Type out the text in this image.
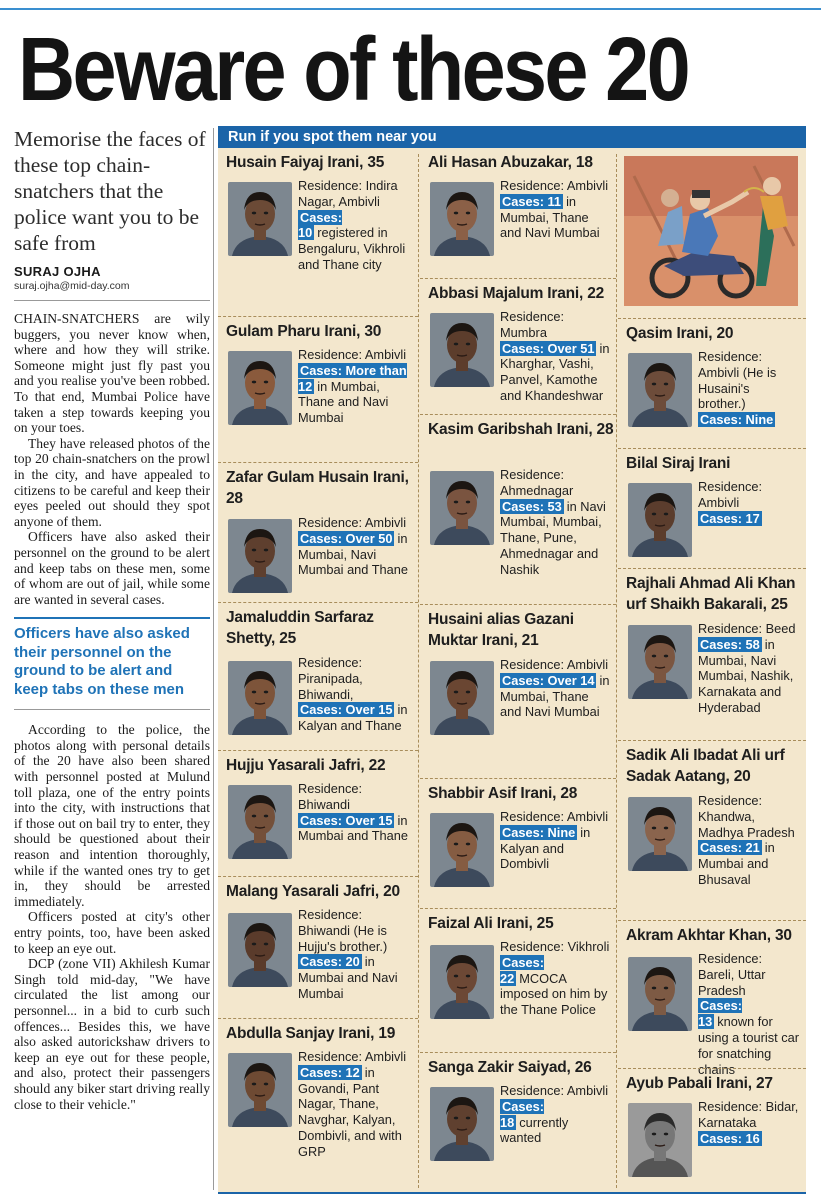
Beware of these 20
Memorise the faces of these top chain-snatchers that the police want you to be safe from
SURAJ OJHA
suraj.ojha@mid-day.com

CHAIN-SNATCHERS are wily buggers, you never know when, where and how they will strike. Someone might just fly past you and you realise you've been robbed. To that end, Mumbai Police have taken a step towards keeping you on your toes.

They have released photos of the top 20 chain-snatchers on the prowl in the city, and have appealed to citizens to be careful and keep their eyes peeled out should they spot anyone of them.

Officers have also asked their personnel on the ground to be alert and keep tabs on these men, some of whom are out of jail, while some are wanted in several cases.

Officers have also asked their personnel on the ground to be alert and keep tabs on these men

According to the police, the photos along with personal details of the 20 have also been shared with personnel posted at Mulund toll plaza, one of the entry points into the city, with instructions that if those out on bail try to enter, they should be questioned about their reason and intention thoroughly, while if the wanted ones try to get in, they should be arrested immediately.

Officers posted at city's other entry points, too, have been asked to keep an eye out.

DCP (zone VII) Akhilesh Kumar Singh told mid-day, "We have circulated the list among our personnel... in a bid to curb such offences... Besides this, we have also asked autorickshaw drivers to keep an eye out for these people, and also, protect their passengers should any biker start driving really close to their vehicle."

Run if you spot them near you
Husain Faiyaj Irani, 35
Residence: Indira Nagar, Ambivli
Cases: 10 registered in Bengaluru, Vikhroli and Thane city
Gulam Pharu Irani, 30
Residence: Ambivli
Cases: More than 12 in Mumbai, Thane and Navi Mumbai
Zafar Gulam Husain Irani, 28
Residence: Ambivli
Cases: Over 50 in Mumbai, Navi Mumbai and Thane
Jamaluddin Sarfaraz Shetty, 25
Residence: Piranipada, Bhiwandi,
Cases: Over 15 in Kalyan and Thane
Hujju Yasarali Jafri, 22
Residence: Bhiwandi
Cases: Over 15 in Mumbai and Thane
Malang Yasarali Jafri, 20
Residence: Bhiwandi (He is Hujju's brother.)
Cases: 20 in Mumbai and Navi Mumbai
Abdulla Sanjay Irani, 19
Residence: Ambivli
Cases: 12 in Govandi, Pant Nagar, Thane, Navghar, Kalyan, Dombivli, and with GRP
Ali Hasan Abuzakar, 18
Residence: Ambivli
Cases: 11 in Mumbai, Thane and Navi Mumbai
Abbasi Majalum Irani, 22
Residence: Mumbra
Cases: Over 51 in Kharghar, Vashi, Panvel, Kamothe and Khandeshwar
Kasim Garibshah Irani, 28
Residence: Ahmednagar
Cases: 53 in Navi Mumbai, Mumbai, Thane, Pune, Ahmednagar and Nashik
Husaini alias Gazani Muktar Irani, 21
Residence: Ambivli
Cases: Over 14 in Mumbai, Thane and Navi Mumbai
Shabbir Asif Irani, 28
Residence: Ambivli
Cases: Nine in Kalyan and Dombivli
Faizal Ali Irani, 25
Residence: Vikhroli
Cases: 22 MCOCA imposed on him by the Thane Police
Sanga Zakir Saiyad, 26
Residence: Ambivli
Cases: 18 currently wanted
Qasim Irani, 20
Residence: Ambivli (He is Husaini's brother.)
Cases: Nine
Bilal Siraj Irani
Residence: Ambivli
Cases: 17
Rajhali Ahmad Ali Khan urf Shaikh Bakarali, 25
Residence: Beed
Cases: 58 in Mumbai, Navi Mumbai, Nashik, Karnakata and Hyderabad
Sadik Ali Ibadat Ali urf Sadak Aatang, 20
Residence: Khandwa, Madhya Pradesh
Cases: 21 in Mumbai and Bhusaval
Akram Akhtar Khan, 30
Residence: Bareli, Uttar Pradesh
Cases: 13 known for using a tourist car for snatching chains
Ayub Pabali Irani, 27
Residence: Bidar, Karnataka
Cases: 16
